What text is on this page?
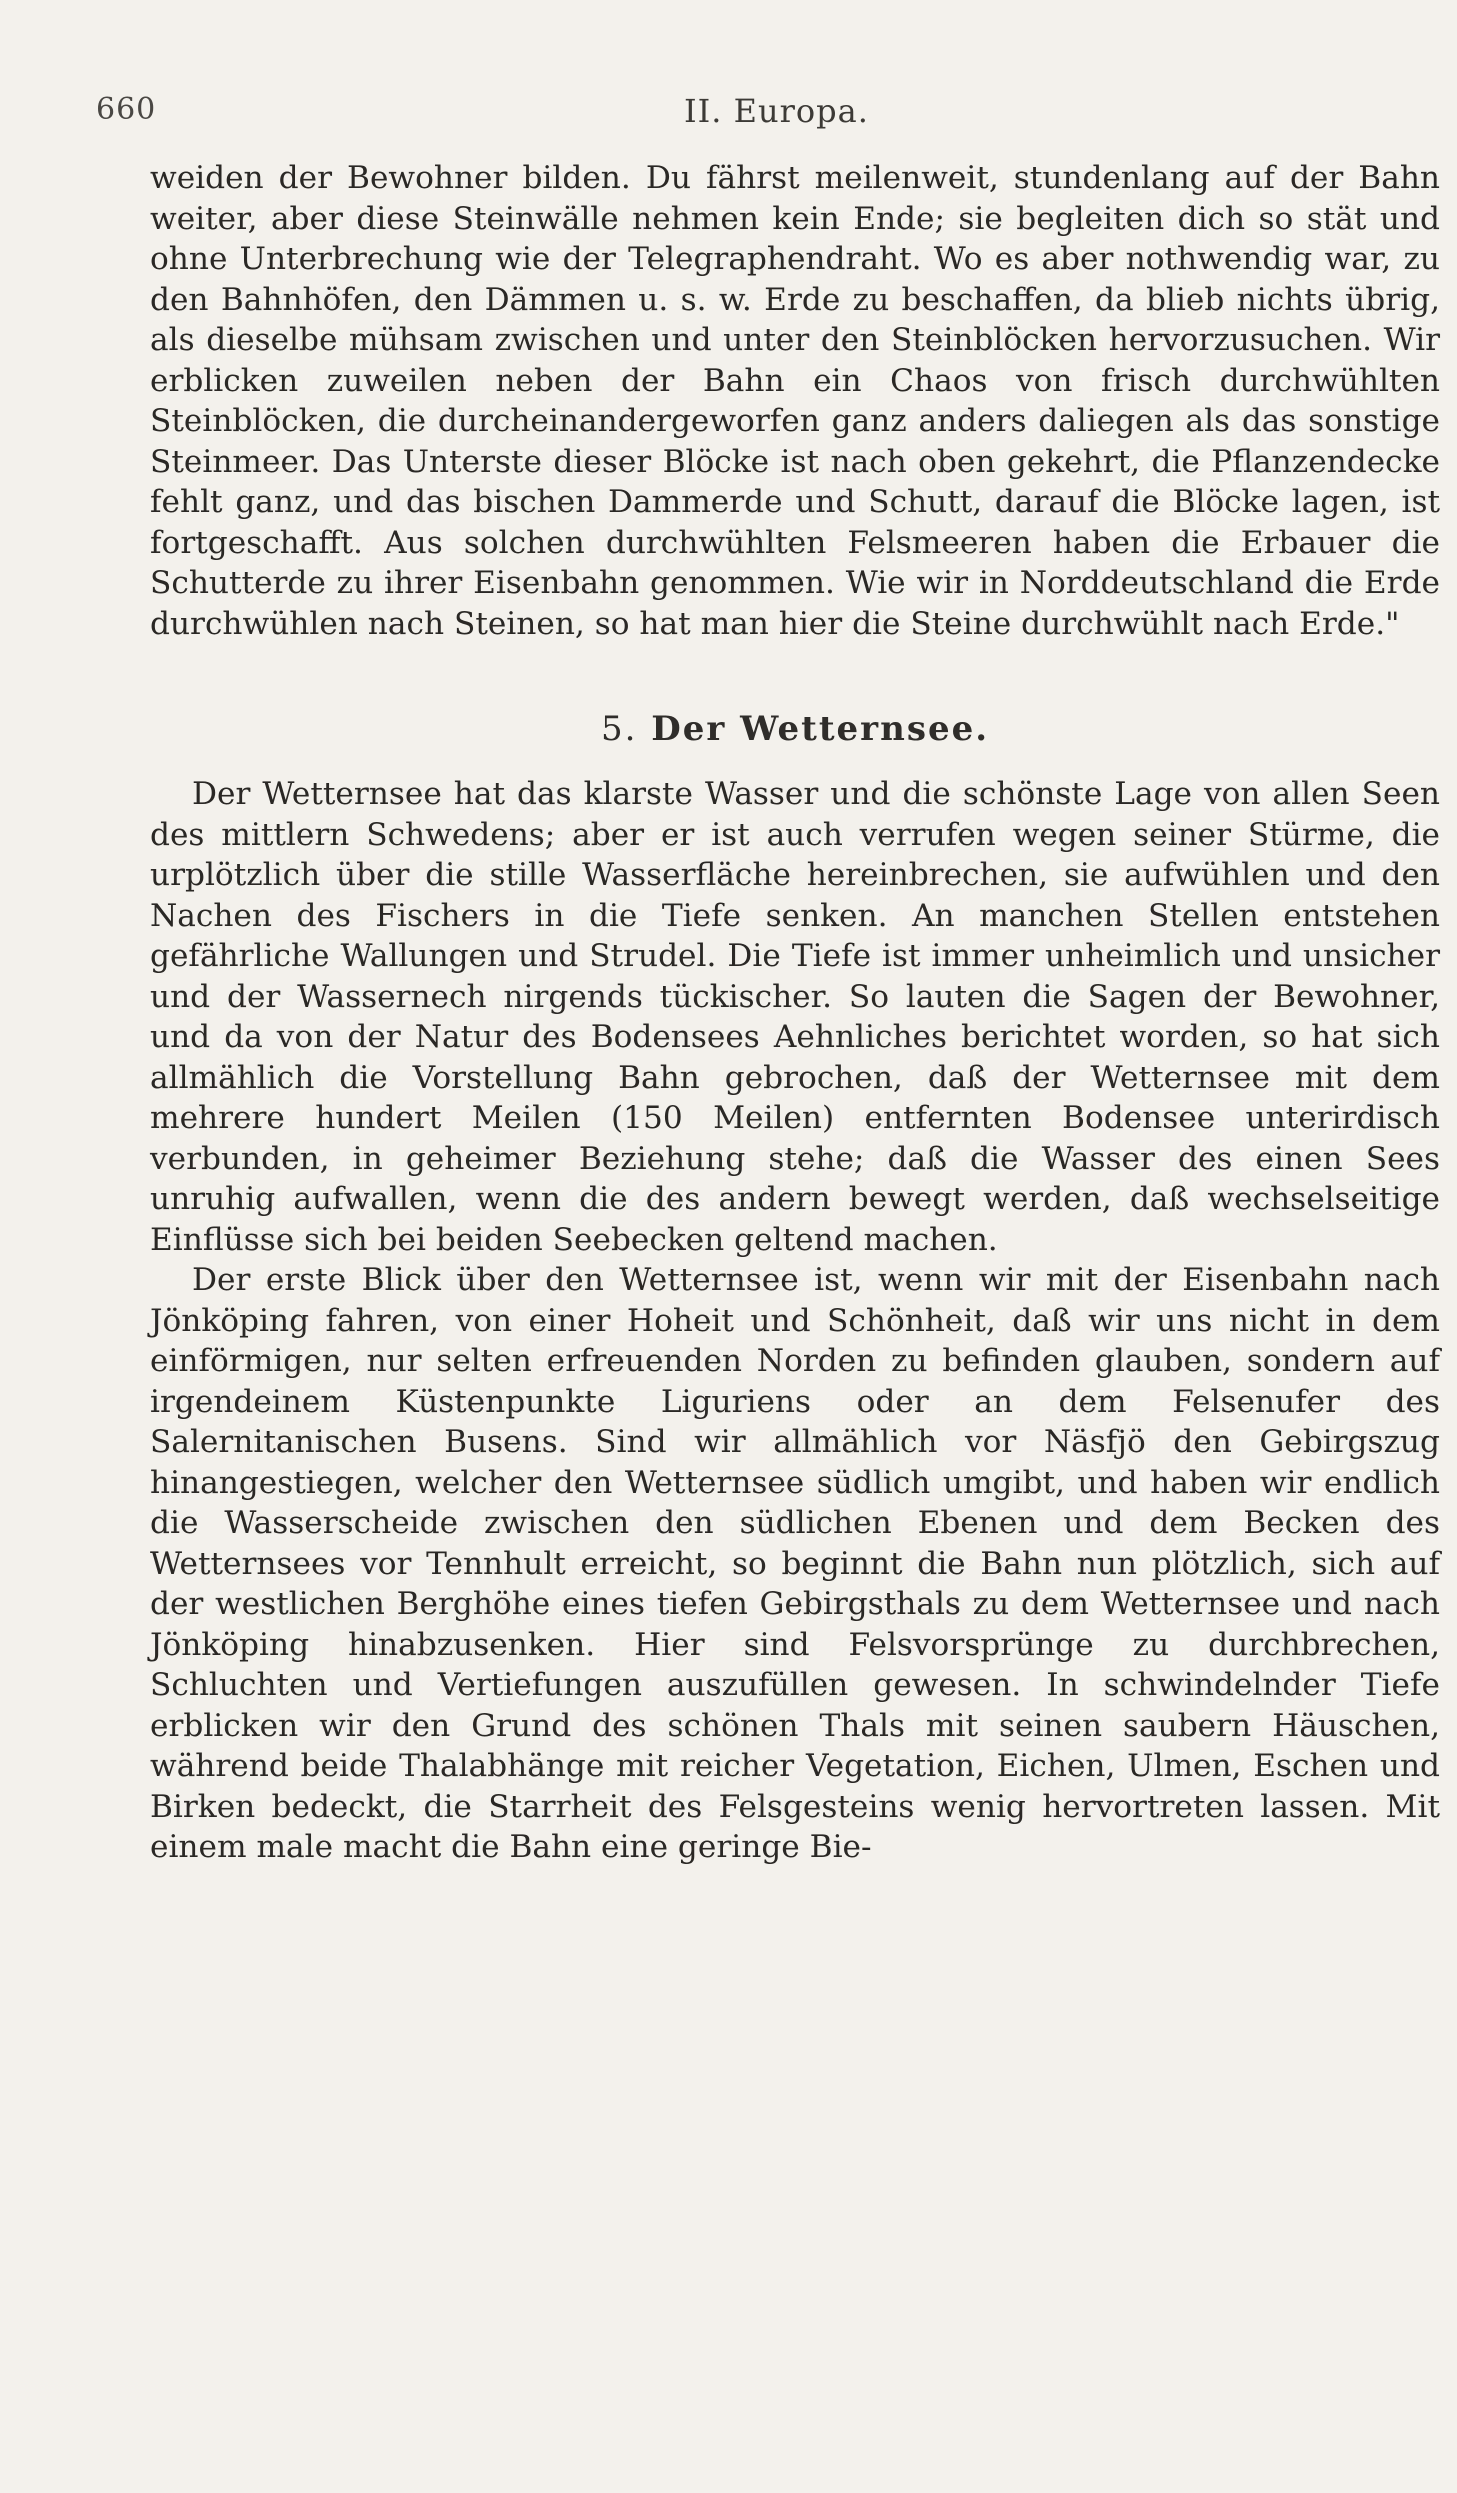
660	II. Europa.

weiden der Bewohner bilden. Du fährst meilenweit, stundenlang auf der Bahn weiter, aber diese Steinwälle nehmen kein Ende; sie begleiten dich so stät und ohne Unterbrechung wie der Telegraphendraht. Wo es aber nothwendig war, zu den Bahnhöfen, den Dämmen u. s. w. Erde zu beschaffen, da blieb nichts übrig, als dieselbe mühsam zwischen und unter den Steinblöcken hervorzusuchen. Wir erblicken zuweilen neben der Bahn ein Chaos von frisch durchwühlten Steinblöcken, die durcheinandergeworfen ganz anders daliegen als das sonstige Steinmeer. Das Unterste dieser Blöcke ist nach oben gekehrt, die Pflanzendecke fehlt ganz, und das bischen Dammerde und Schutt, darauf die Blöcke lagen, ist fortgeschafft. Aus solchen durchwühlten Felsmeeren haben die Erbauer die Schutterde zu ihrer Eisenbahn genommen. Wie wir in Norddeutschland die Erde durchwühlen nach Steinen, so hat man hier die Steine durchwühlt nach Erde."

5. Der Wetternsee.

Der Wetternsee hat das klarste Wasser und die schönste Lage von allen Seen des mittlern Schwedens; aber er ist auch verrufen wegen seiner Stürme, die urplötzlich über die stille Wasserfläche hereinbrechen, sie aufwühlen und den Nachen des Fischers in die Tiefe senken. An manchen Stellen entstehen gefährliche Wallungen und Strudel. Die Tiefe ist immer unheimlich und unsicher und der Wassernech nirgends tückischer. So lauten die Sagen der Bewohner, und da von der Natur des Bodensees Aehnliches berichtet worden, so hat sich allmählich die Vorstellung Bahn gebrochen, daß der Wetternsee mit dem mehrere hundert Meilen (150 Meilen) entfernten Bodensee unterirdisch verbunden, in geheimer Beziehung stehe; daß die Wasser des einen Sees unruhig aufwallen, wenn die des andern bewegt werden, daß wechselseitige Einflüsse sich bei beiden Seebecken geltend machen.

Der erste Blick über den Wetternsee ist, wenn wir mit der Eisenbahn nach Jönköping fahren, von einer Hoheit und Schönheit, daß wir uns nicht in dem einförmigen, nur selten erfreuenden Norden zu befinden glauben, sondern auf irgendeinem Küstenpunkte Liguriens oder an dem Felsenufer des Salernitanischen Busens. Sind wir allmählich vor Näsfjö den Gebirgszug hinangestiegen, welcher den Wetternsee südlich umgibt, und haben wir endlich die Wasserscheide zwischen den südlichen Ebenen und dem Becken des Wetternsees vor Tennhult erreicht, so beginnt die Bahn nun plötzlich, sich auf der westlichen Berghöhe eines tiefen Gebirgsthals zu dem Wetternsee und nach Jönköping hinabzusenken. Hier sind Felsvorsprünge zu durchbrechen, Schluchten und Vertiefungen auszufüllen gewesen. In schwindelnder Tiefe erblicken wir den Grund des schönen Thals mit seinen saubern Häuschen, während beide Thalabhänge mit reicher Vegetation, Eichen, Ulmen, Eschen und Birken bedeckt, die Starrheit des Felsgesteins wenig hervortreten lassen. Mit einem male macht die Bahn eine geringe Bie-
